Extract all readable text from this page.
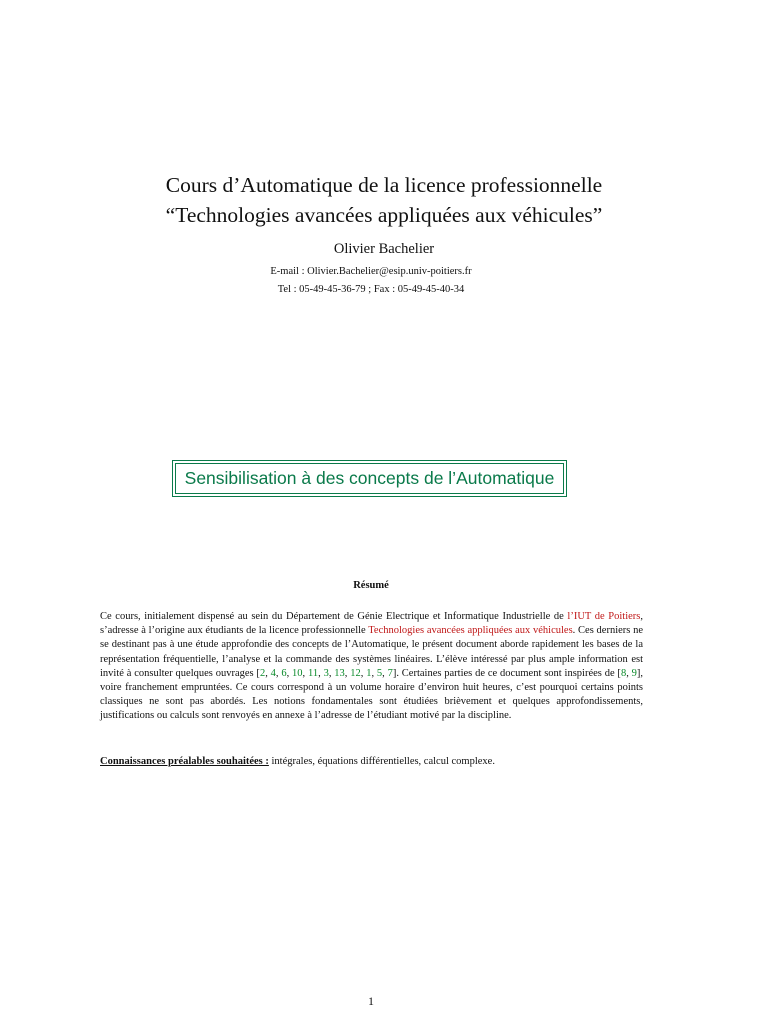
Cours d’Automatique de la licence professionnelle
“Technologies avancées appliquées aux véhicules”
Olivier Bachelier
E-mail : Olivier.Bachelier@esip.univ-poitiers.fr
Tel : 05-49-45-36-79 ; Fax : 05-49-45-40-34
Sensibilisation à des concepts de l’Automatique
Résumé
Ce cours, initialement dispensé au sein du Département de Génie Electrique et Informatique Industrielle de l’IUT de Poitiers, s’adresse à l’origine aux étudiants de la licence professionnelle Technologies avancées appliquées aux véhicules. Ces derniers ne se destinant pas à une étude approfondie des concepts de l’Automatique, le présent document aborde rapidement les bases de la représentation fréquentielle, l’analyse et la commande des systèmes linéaires. L’élève intéressé par plus ample information est invité à consulter quelques ouvrages [2, 4, 6, 10, 11, 3, 13, 12, 1, 5, 7]. Certaines parties de ce document sont inspirées de [8, 9], voire franchement empruntées. Ce cours correspond à un volume horaire d’environ huit heures, c’est pourquoi certains points classiques ne sont pas abordés. Les notions fondamentales sont étudiées brièvement et quelques approfondissements, justifications ou calculs sont renvoyés en annexe à l’adresse de l’étudiant motivé par la discipline.
Connaissances préalables souhaitées : intégrales, équations différentielles, calcul complexe.
1
